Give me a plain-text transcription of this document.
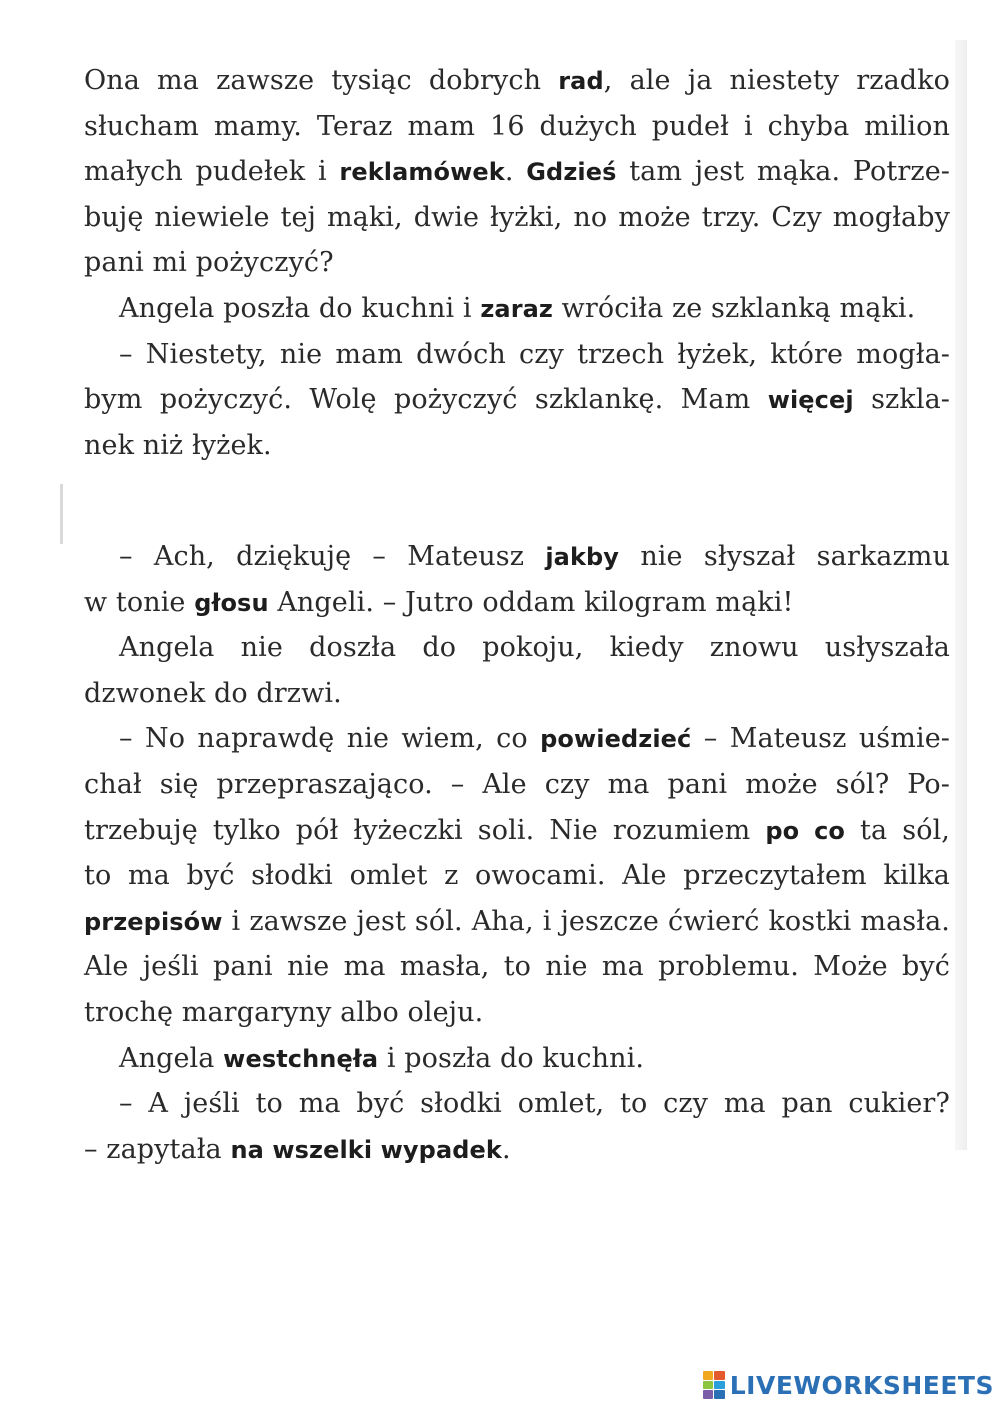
Ona ma zawsze tysiąc dobrych rad, ale ja niestety rzadko
słucham mamy. Teraz mam 16 dużych pudeł i chyba milion
małych pudełek i reklamówek. Gdzieś tam jest mąka. Potrze-
buję niewiele tej mąki, dwie łyżki, no może trzy. Czy mogłaby
pani mi pożyczyć?
Angela poszła do kuchni i zaraz wróciła ze szklanką mąki.
– Niestety, nie mam dwóch czy trzech łyżek, które mogła-
bym pożyczyć. Wolę pożyczyć szklankę. Mam więcej szkla-
nek niż łyżek.
– Ach, dziękuję – Mateusz jakby nie słyszał sarkazmu
w tonie głosu Angeli. – Jutro oddam kilogram mąki!
Angela nie doszła do pokoju, kiedy znowu usłyszała
dzwonek do drzwi.
– No naprawdę nie wiem, co powiedzieć – Mateusz uśmie-
chał się przepraszająco. – Ale czy ma pani może sól? Po-
trzebuję tylko pół łyżeczki soli. Nie rozumiem po co ta sól,
to ma być słodki omlet z owocami. Ale przeczytałem kilka
przepisów i zawsze jest sól. Aha, i jeszcze ćwierć kostki masła.
Ale jeśli pani nie ma masła, to nie ma problemu. Może być
trochę margaryny albo oleju.
Angela westchnęła i poszła do kuchni.
– A jeśli to ma być słodki omlet, to czy ma pan cukier?
– zapytała na wszelki wypadek.
LIVEWORKSHEETS
